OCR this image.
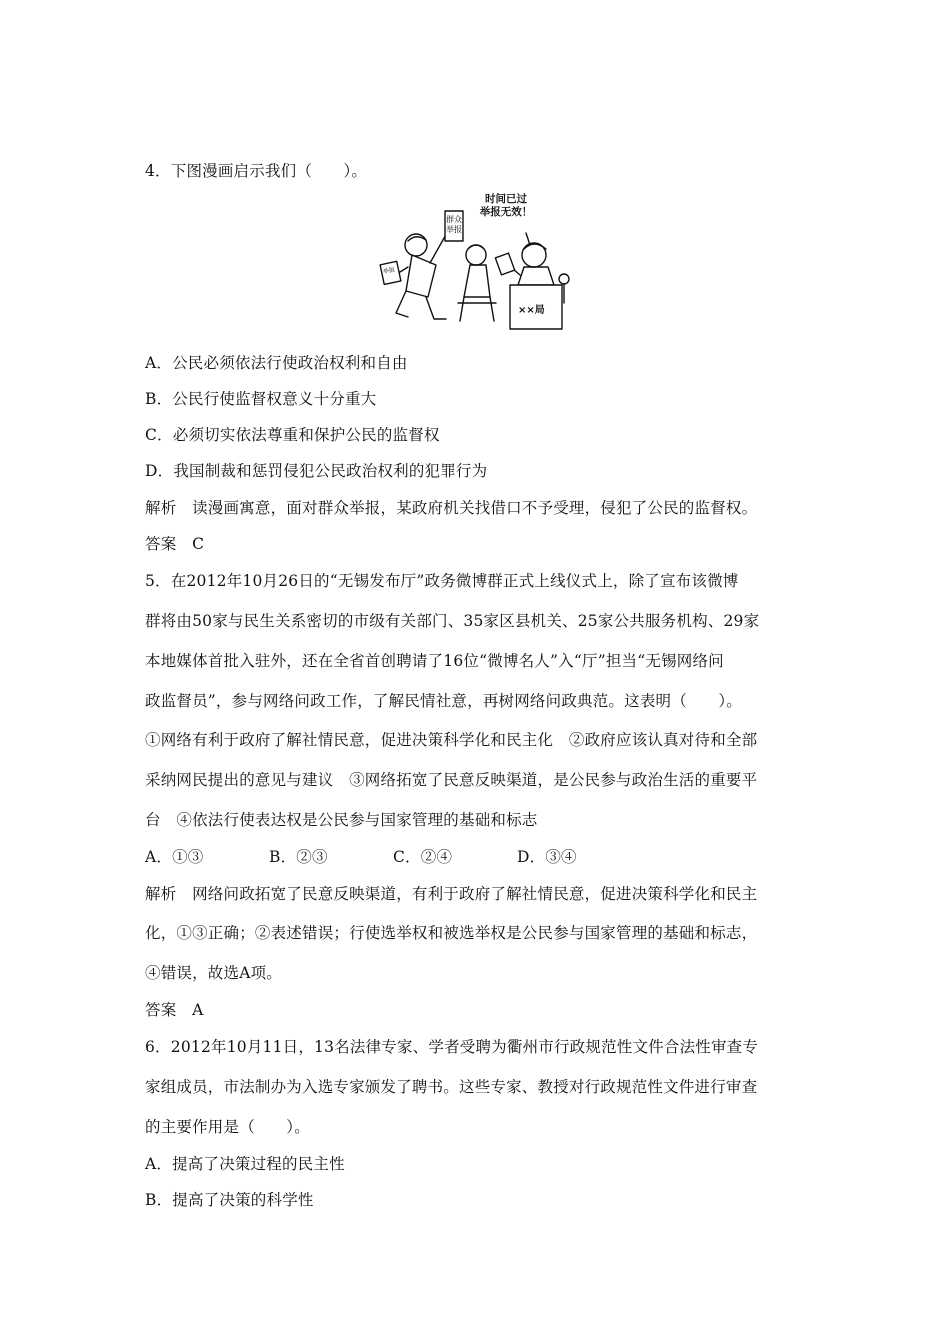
4．下图漫画启示我们（　　）。
时间已过
举报无效！
群众
举报
举报
××局
A．公民必须依法行使政治权利和自由
B．公民行使监督权意义十分重大
C．必须切实依法尊重和保护公民的监督权
D．我国制裁和惩罚侵犯公民政治权利的犯罪行为
解析　读漫画寓意，面对群众举报，某政府机关找借口不予受理，侵犯了公民的监督权。
答案　C
5．在2012年10月26日的“无锡发布厅”政务微博群正式上线仪式上，除了宣布该微博
群将由50家与民生关系密切的市级有关部门、35家区县机关、25家公共服务机构、29家
本地媒体首批入驻外，还在全省首创聘请了16位“微博名人”入“厅”担当“无锡网络问
政监督员”，参与网络问政工作，了解民情社意，再树网络问政典范。这表明（　　）。
①网络有利于政府了解社情民意，促进决策科学化和民主化　②政府应该认真对待和全部
采纳网民提出的意见与建议　③网络拓宽了民意反映渠道，是公民参与政治生活的重要平
台　④依法行使表达权是公民参与国家管理的基础和标志
A．①③	B．②③	C．②④	D．③④
解析　网络问政拓宽了民意反映渠道，有利于政府了解社情民意，促进决策科学化和民主
化，①③正确；②表述错误；行使选举权和被选举权是公民参与国家管理的基础和标志，
④错误，故选A项。
答案　A
6．2012年10月11日，13名法律专家、学者受聘为衢州市行政规范性文件合法性审查专
家组成员，市法制办为入选专家颁发了聘书。这些专家、教授对行政规范性文件进行审查
的主要作用是（　　）。
A．提高了决策过程的民主性
B．提高了决策的科学性
